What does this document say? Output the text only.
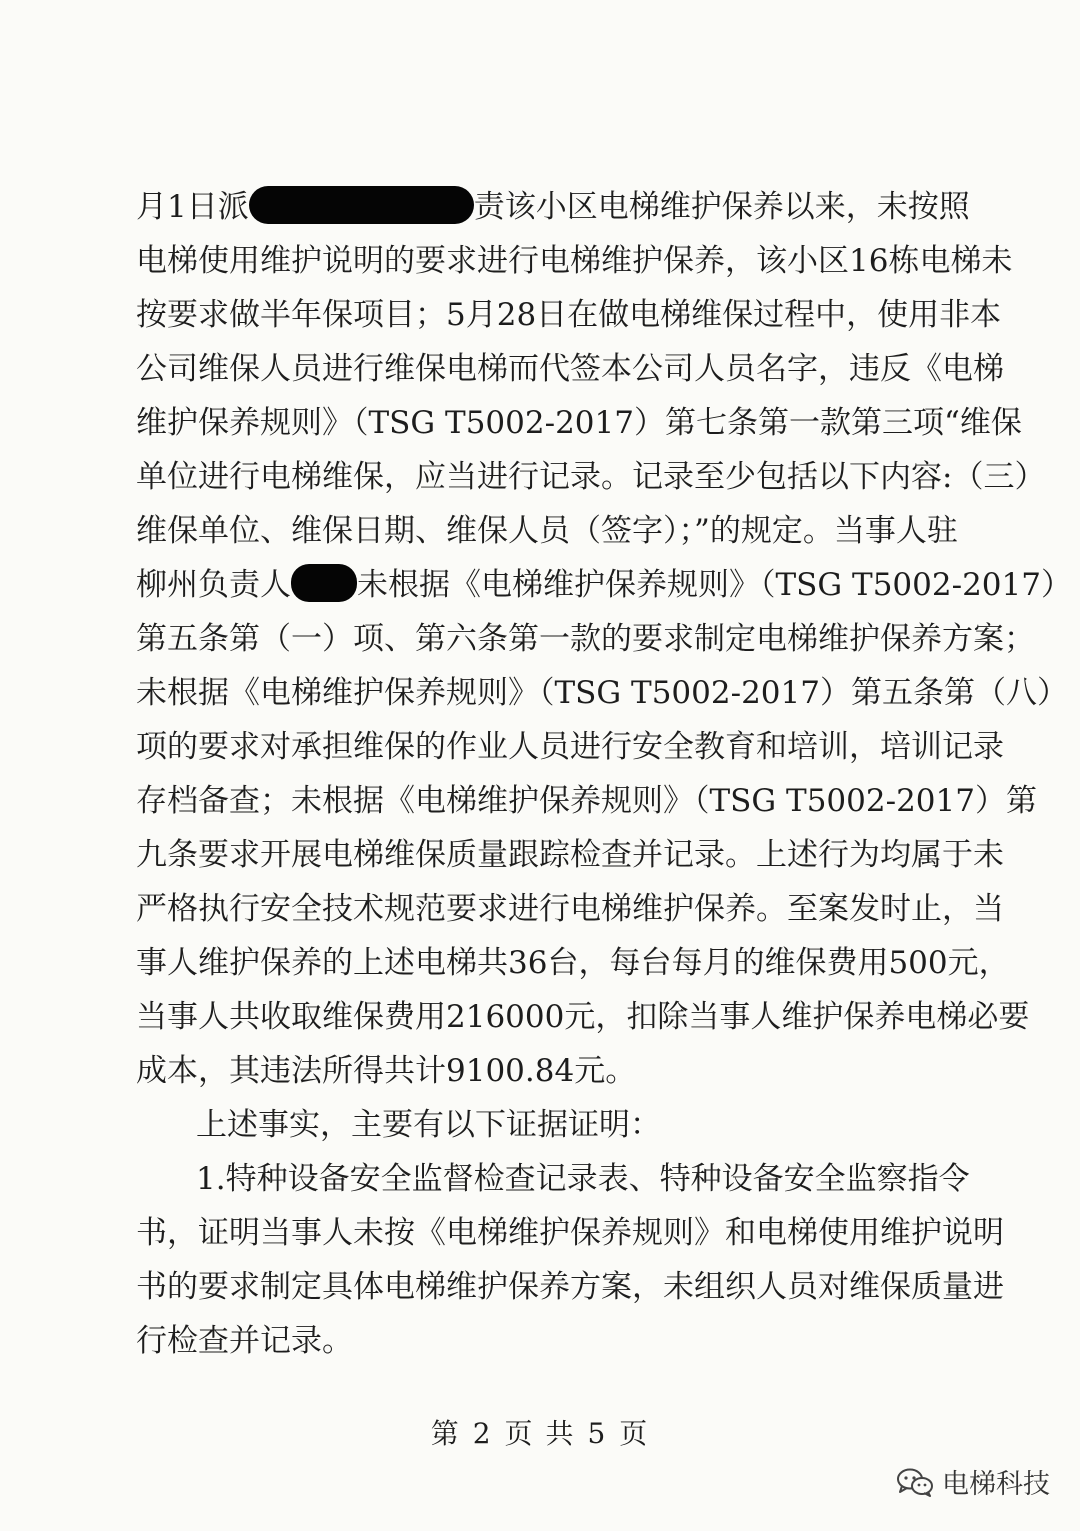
月1日派	责该小区电梯维护保养以来，未按照
电梯使用维护说明的要求进行电梯维护保养，该小区16栋电梯未
按要求做半年保项目；5月28日在做电梯维保过程中，使用非本
公司维保人员进行维保电梯而代签本公司人员名字，违反《电梯
维护保养规则》（TSG T5002-2017）第七条第一款第三项“维保
单位进行电梯维保，应当进行记录。记录至少包括以下内容:（三）
维保单位、维保日期、维保人员（签字）；”的规定。当事人驻
柳州负责人 未根据《电梯维护保养规则》（TSG T5002-2017）
第五条第（一）项、第六条第一款的要求制定电梯维护保养方案；
未根据《电梯维护保养规则》（TSG T5002-2017）第五条第（八）
项的要求对承担维保的作业人员进行安全教育和培训，培训记录
存档备查；未根据《电梯维护保养规则》（TSG T5002-2017）第
九条要求开展电梯维保质量跟踪检查并记录。上述行为均属于未
严格执行安全技术规范要求进行电梯维护保养。至案发时止，当
事人维护保养的上述电梯共36台，每台每月的维保费用500元，
当事人共收取维保费用216000元，扣除当事人维护保养电梯必要
成本，其违法所得共计9100.84元。
上述事实，主要有以下证据证明：
1.特种设备安全监督检查记录表、特种设备安全监察指令
书，证明当事人未按《电梯维护保养规则》和电梯使用维护说明
书的要求制定具体电梯维护保养方案，未组织人员对维保质量进
行检查并记录。
第 2 页 共 5 页
电梯科技
